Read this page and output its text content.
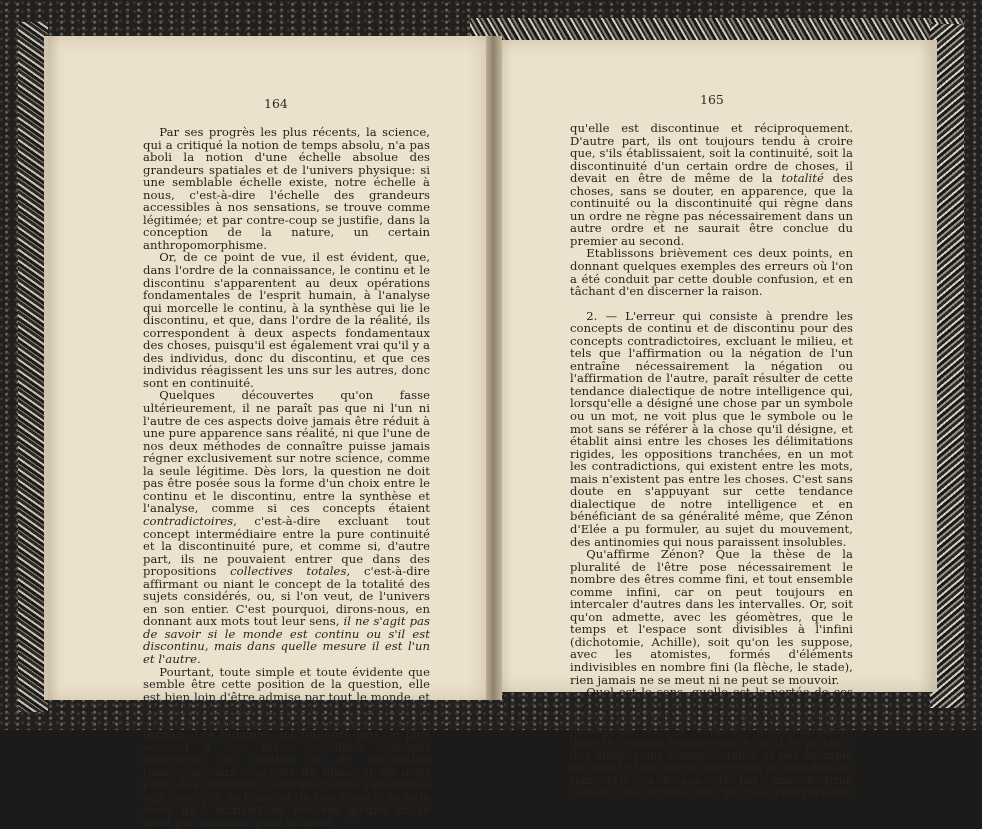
164	165

Par ses progrès les plus récents, la science, qui a critiqué la notion de temps absolu, n'a pas aboli la notion d'une échelle absolue des grandeurs spatiales et de l'univers physique: si une semblable échelle existe, notre échelle à nous, c'est-à-dire l'échelle des grandeurs accessibles à nos sensations, se trouve comme légitimée; et par contre-coup se justifie, dans la conception de la nature, un certain anthropomorphisme.

Or, de ce point de vue, il est évident, que, dans l'ordre de la connaissance, le continu et le discontinu s'apparentent au deux opérations fondamentales de l'esprit humain, à l'analyse qui morcelle le continu, à la synthèse qui lie le discontinu, et que, dans l'ordre de la réalité, ils correspondent à deux aspects fondamentaux des choses, puisqu'il est également vrai qu'il y a des individus, donc du discontinu, et que ces individus réagissent les uns sur les autres, donc sont en continuité.

Quelques découvertes qu'on fasse ultérieurement, il ne paraît pas que ni l'un ni l'autre de ces aspects doive jamais être réduit à une pure apparence sans réalité, ni que l'une de nos deux méthodes de connaître puisse jamais régner exclusivement sur notre science, comme la seule légitime. Dès lors, la question ne doit pas être posée sous la forme d'un choix entre le continu et le discontinu, entre la synthèse et l'analyse, comme si ces concepts étaient contradictoires, c'est-à-dire excluant tout concept intermédiaire entre la pure continuité et la discontinuité pure, et comme si, d'autre part, ils ne pouvaient entrer que dans des propositions collectives totales, c'est-à-dire affirmant ou niant le concept de la totalité des sujets considérés, ou, si l'on veut, de l'univers en son entier. C'est pourquoi, dirons-nous, en donnant aux mots tout leur sens, il ne s'agit pas de savoir si le monde est continu ou s'il est discontinu, mais dans quelle mesure il est l'un et l'autre.

Pourtant, toute simple et toute évidente que semble être cette position de la question, elle est bien loin d'être admise par tout le monde, et il est très certain qu'au cours de l'histoire la question n'a presque jamais été posée en ces termes. Les hommes ont toujours pris, le plus souvent à leur insu, les deux concepts contraires de continu et de discontinu (analogues aux concepts de blanc et de noir) pour des concepts contradictoires (analogues aux concepts de blanc et de non-blanc), de telle sorte qu'il suffirait de prouver qu'une chose n'est pas continue pour prouver

qu'elle est discontinue et réciproquement. D'autre part, ils ont toujours tendu à croire que, s'ils établissaient, soit la continuité, soit la discontinuité d'un certain ordre de choses, il devait en être de même de la totalité des choses, sans se douter, en apparence, que la continuité ou la discontinuité qui règne dans un ordre ne règne pas nécessairement dans un autre ordre et ne saurait être conclue du premier au second.

Etablissons brièvement ces deux points, en donnant quelques exemples des erreurs où l'on a été conduit par cette double confusion, et en tâchant d'en discerner la raison.

2. — L'erreur qui consiste à prendre les concepts de continu et de discontinu pour des concepts contradictoires, excluant le milieu, et tels que l'affirmation ou la négation de l'un entraîne nécessairement la négation ou l'affirmation de l'autre, paraît résulter de cette tendance dialectique de notre intelligence qui, lorsqu'elle a désigné une chose par un symbole ou un mot, ne voit plus que le symbole ou le mot sans se référer à la chose qu'il désigne, et établit ainsi entre les choses les délimitations rigides, les oppositions tranchées, en un mot les contradictions, qui existent entre les mots, mais n'existent pas entre les choses. C'est sans doute en s'appuyant sur cette tendance dialectique de notre intelligence et en bénéficiant de sa généralité même, que Zénon d'Elée a pu formuler, au sujet du mouvement, des antinomies qui nous paraissent insolubles.

Qu'affirme Zénon? Que la thèse de la pluralité de l'être pose nécessairement le nombre des êtres comme fini, et tout ensemble comme infini, car on peut toujours en intercaler d'autres dans les intervalles. Or, soit qu'on admette, avec les géomètres, que le temps et l'espace sont divisibles à l'infini (dichotomie, Achille), soit qu'on les suppose, avec les atomistes, formés d'éléments indivisibles en nombre fini (la flèche, le stade), rien jamais ne se meut ni ne peut se mouvoir.

Quel est le sens, quelle est la portée de ces arguments? Il est évident, d'abord, que le mouvement, s'il est réel, exclut le continu homogène, car il suppose nécessairement, dans le continu temps-espace où il se produit, des distinctions fondamentales, et par exemple un avant et un après, successifs ou simultanés, temporels ou locaux: de fait, une doctrine comme celle d'Héraclite, qui pose l'universalité
